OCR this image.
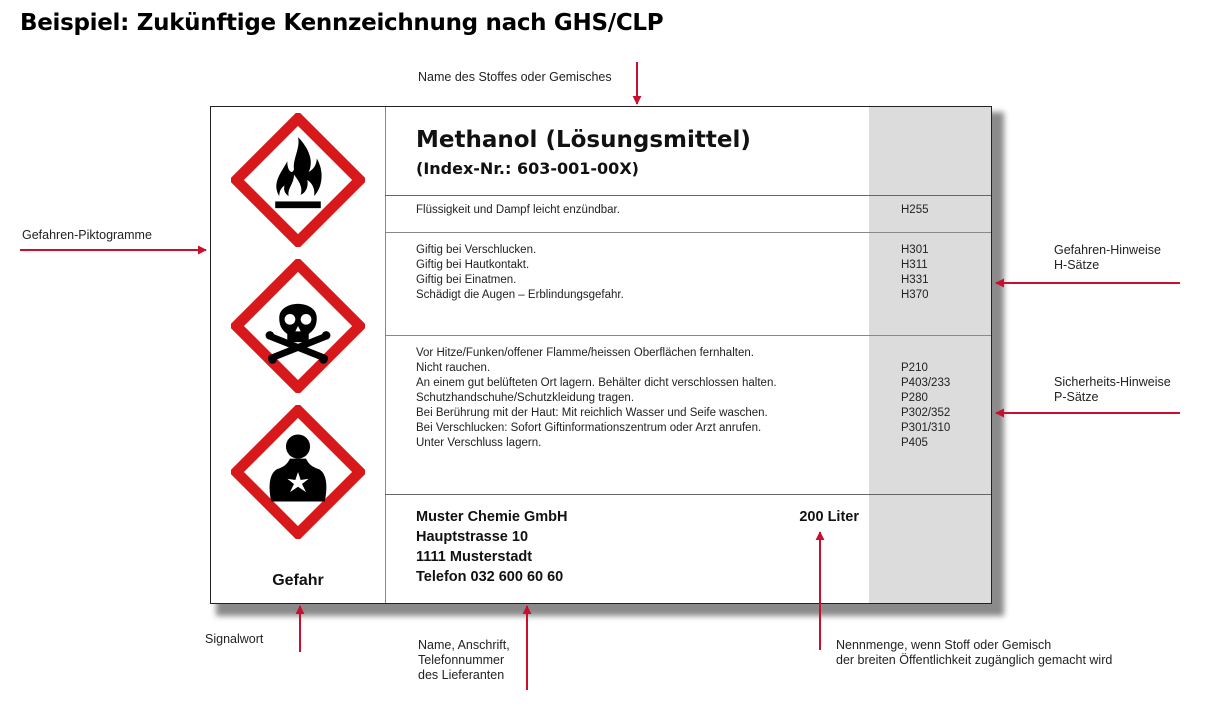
Beispiel: Zukünftige Kennzeichnung nach GHS/CLP
Name des Stoffes oder Gemisches
Gefahren-Piktogramme
Gefahren-Hinweise
H-Sätze
Sicherheits-Hinweise
P-Sätze
Signalwort	Name, Anschrift,
Telefonnummer
des Lieferanten
Nennmenge, wenn Stoff oder Gemisch
der breiten Öffentlichkeit zugänglich gemacht wird
Gefahr
Methanol (Lösungsmittel)
(Index-Nr.: 603-001-00X)
Flüssigkeit und Dampf leicht enzündbar.	H255
Giftig bei Verschlucken.
Giftig bei Hautkontakt.
Giftig bei Einatmen.
Schädigt die Augen – Erblindungsgefahr.
H301
H311
H331
H370
Vor Hitze/Funken/offener Flamme/heissen Oberflächen fernhalten.
Nicht rauchen.
An einem gut belüfteten Ort lagern. Behälter dicht verschlossen halten.
Schutzhandschuhe/Schutzkleidung tragen.
Bei Berührung mit der Haut: Mit reichlich Wasser und Seife waschen.
Bei Verschlucken: Sofort Giftinformationszentrum oder Arzt anrufen.
Unter Verschluss lagern.
P210
P403/233
P280
P302/352
P301/310
P405
Muster Chemie GmbH
Hauptstrasse 10
1111 Musterstadt
Telefon 032 600 60 60
200 Liter
